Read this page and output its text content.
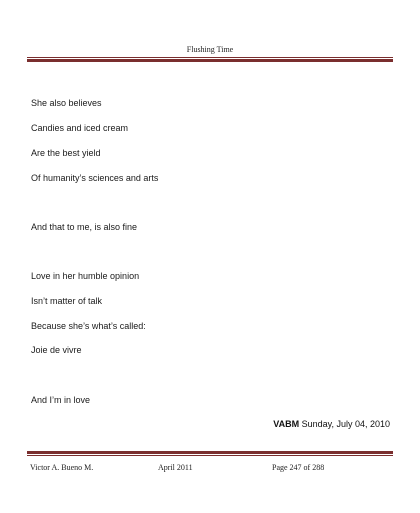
Flushing Time
She also believes
Candies and iced cream
Are the best yield
Of humanity’s sciences and arts
And that to me, is also fine
Love in her humble opinion
Isn’t matter of talk
Because she’s what’s called:
Joie de vivre
And I’m in love
VABM Sunday, July 04, 2010
Victor A. Bueno M.	April 2011	Page 247 of 288
